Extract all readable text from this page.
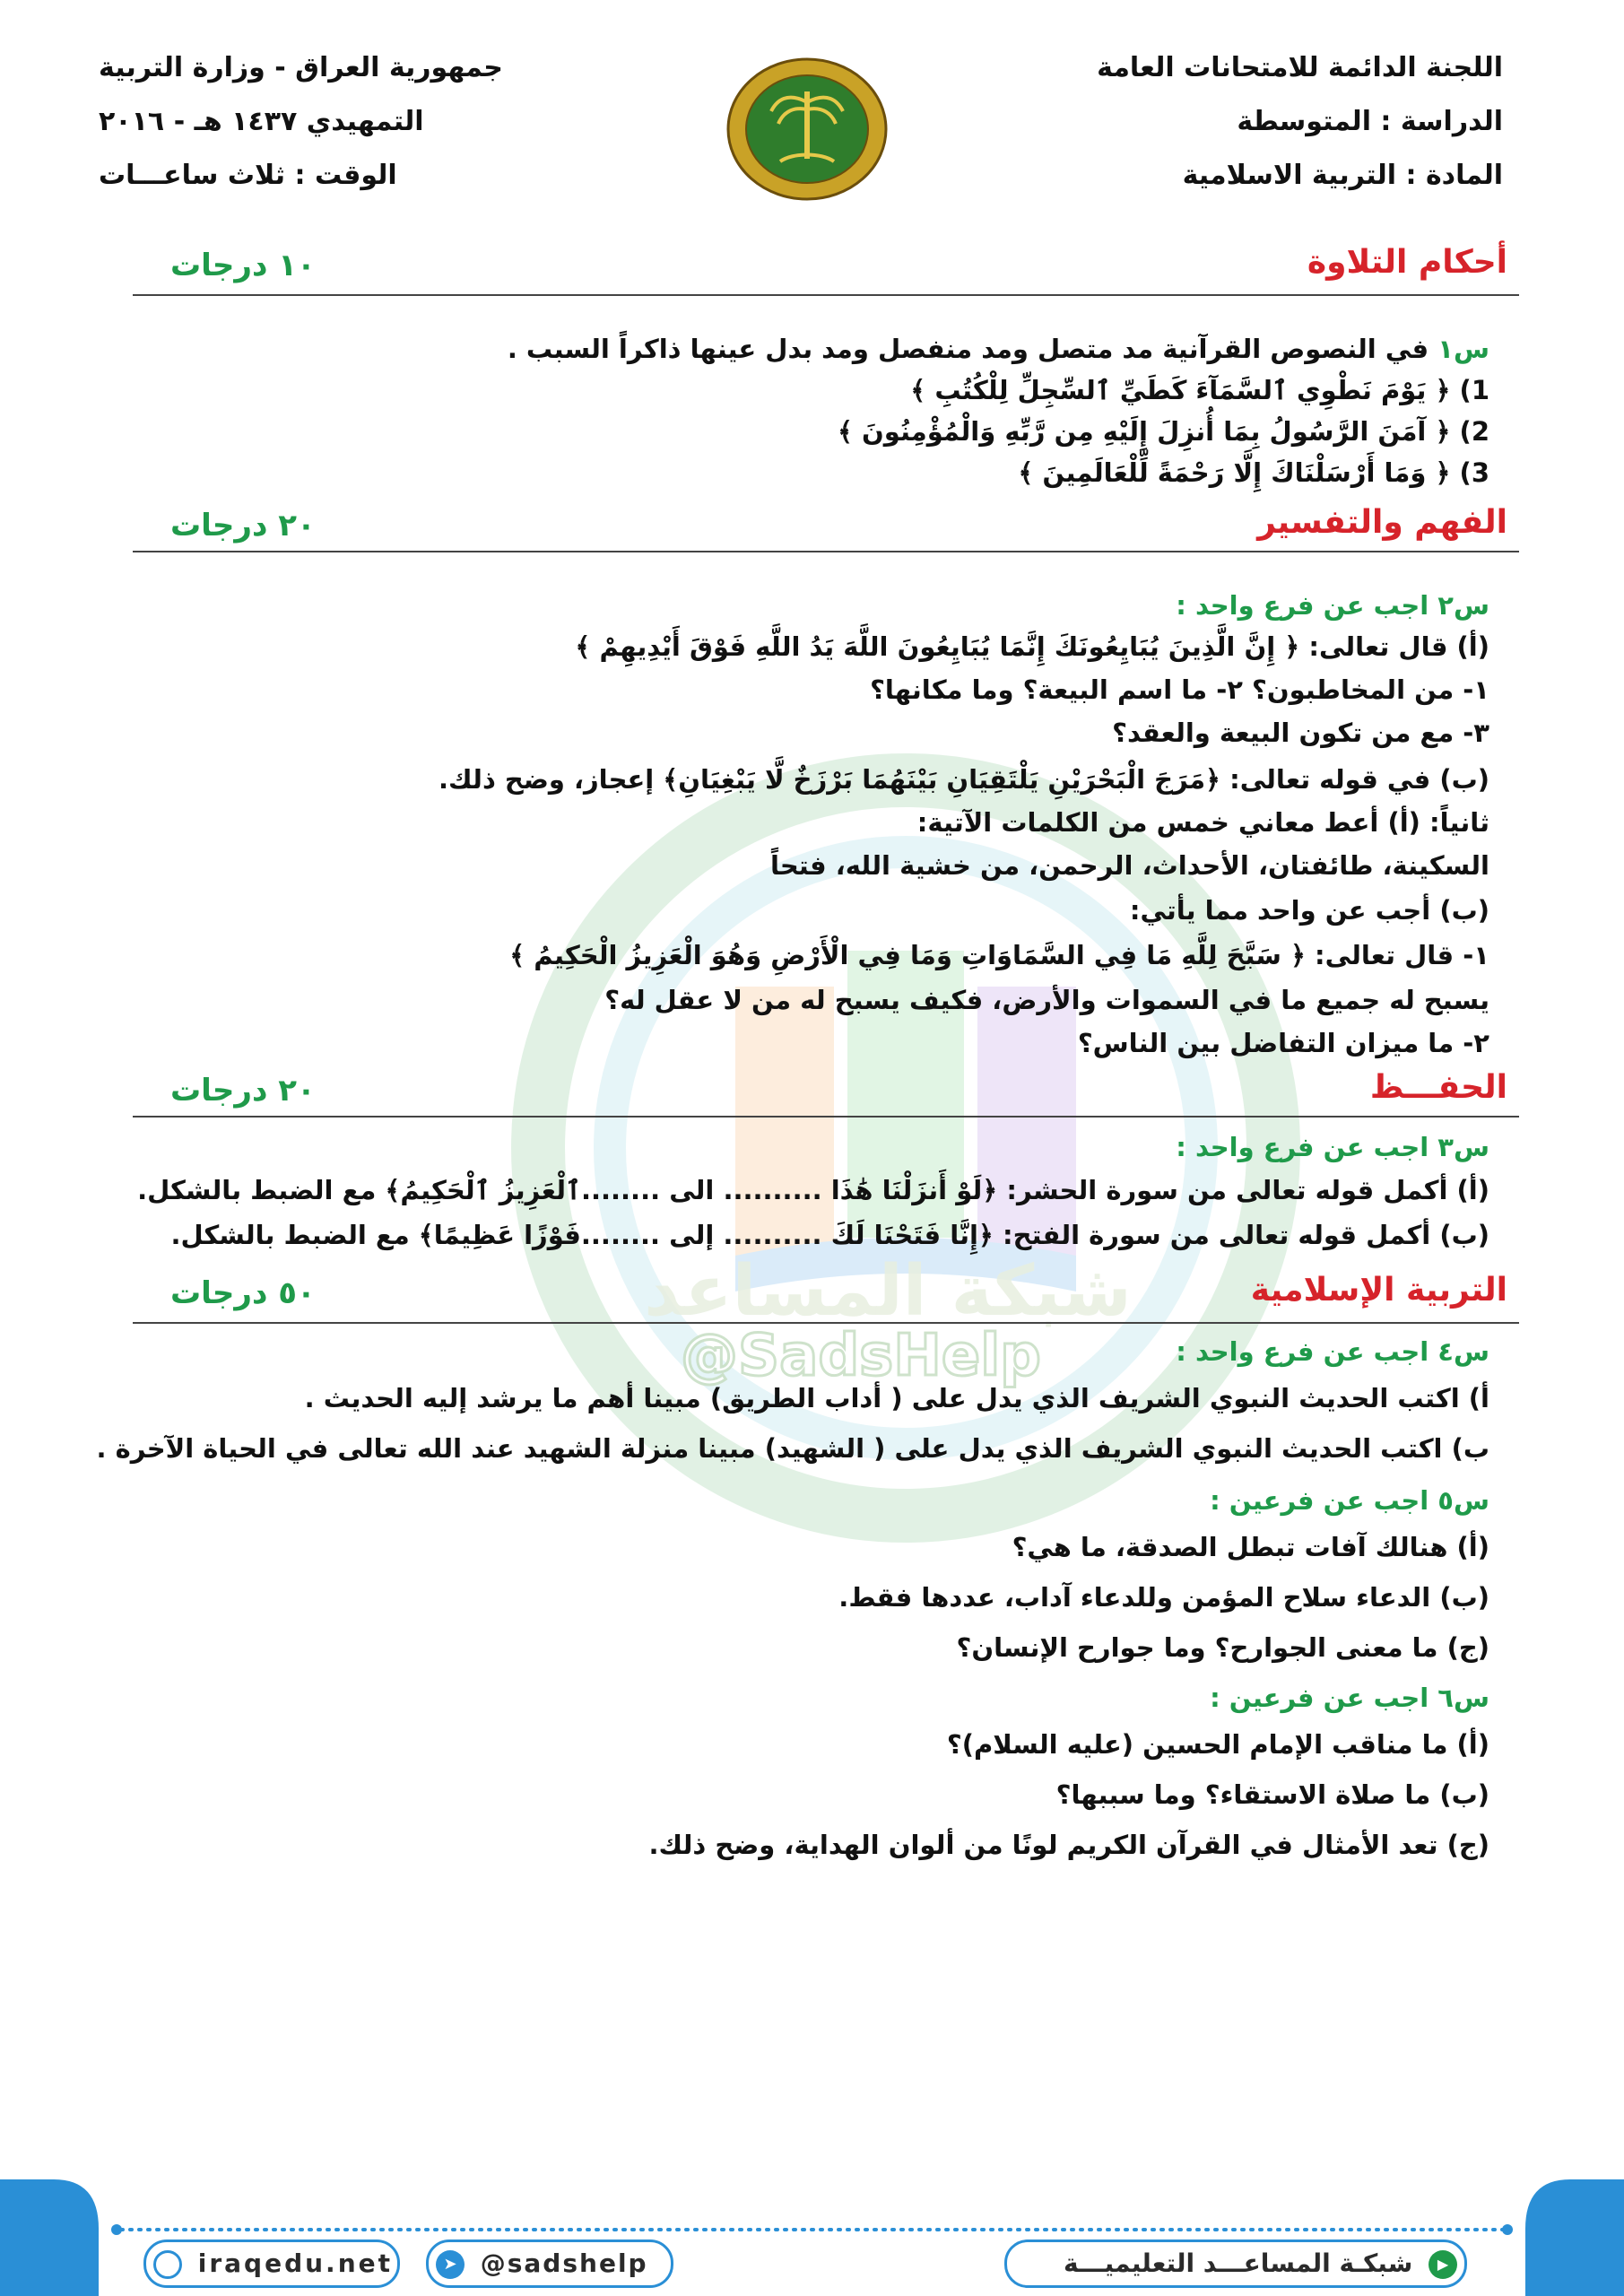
اللجنة الدائمة للامتحانات العامة
الدراسة : المتوسطة
المادة : التربية الاسلامية
جمهورية العراق - وزارة التربية
التمهيدي ١٤٣٧ هـ - ٢٠١٦
الوقت : ثلاث ساعـــات
شبكة المساعد
@SadsHelp
أحكام التلاوة
١٠ درجات
س١ في النصوص القرآنية مد متصل ومد منفصل ومد بدل عينها ذاكراً السبب .
1) ﴿ يَوْمَ نَطْوِي ٱلسَّمَآءَ كَطَيِّ ٱلسِّجِلِّ لِلْكُتُبِ ﴾
2) ﴿ آمَنَ الرَّسُولُ بِمَا أُنزِلَ إِلَيْهِ مِن رَّبِّهِ وَالْمُؤْمِنُونَ ﴾
3) ﴿ وَمَا أَرْسَلْنَاكَ إِلَّا رَحْمَةً لِّلْعَالَمِينَ ﴾
الفهم والتفسير
٢٠ درجات
س٢ اجب عن فرع واحد :
(أ) قال تعالى: ﴿ إِنَّ الَّذِينَ يُبَايِعُونَكَ إِنَّمَا يُبَايِعُونَ اللَّهَ يَدُ اللَّهِ فَوْقَ أَيْدِيهِمْ ﴾
١- من المخاطبون؟ ٢- ما اسم البيعة؟ وما مكانها؟
٣- مع من تكون البيعة والعقد؟
(ب) في قوله تعالى: ﴿مَرَجَ الْبَحْرَيْنِ يَلْتَقِيَانِ بَيْنَهُمَا بَرْزَخٌ لَّا يَبْغِيَانِ﴾ إعجاز، وضح ذلك.
ثانياً: (أ) أعط معاني خمس من الكلمات الآتية:
السكينة، طائفتان، الأحداث، الرحمن، من خشية الله، فتحاً
(ب) أجب عن واحد مما يأتي:
١- قال تعالى: ﴿ سَبَّحَ لِلَّهِ مَا فِي السَّمَاوَاتِ وَمَا فِي الْأَرْضِ وَهُوَ الْعَزِيزُ الْحَكِيمُ ﴾
يسبح له جميع ما في السموات والأرض، فكيف يسبح له من لا عقل له؟
٢- ما ميزان التفاضل بين الناس؟
الحفـــظ
٢٠ درجات
س٣ اجب عن فرع واحد :
(أ) أكمل قوله تعالى من سورة الحشر: ﴿لَوْ أَنزَلْنَا هَٰذَا .......... الى ........ٱلْعَزِيزُ ٱلْحَكِيمُ﴾ مع الضبط بالشكل.
(ب) أكمل قوله تعالى من سورة الفتح: ﴿إِنَّا فَتَحْنَا لَكَ .......... إلى ........فَوْزًا عَظِيمًا﴾ مع الضبط بالشكل.
التربية الإسلامية
٥٠ درجات
س٤ اجب عن فرع واحد :
أ) اكتب الحديث النبوي الشريف الذي يدل على ( أداب الطريق) مبينا أهم ما يرشد إليه الحديث .
ب) اكتب الحديث النبوي الشريف الذي يدل على ( الشهيد) مبينا منزلة الشهيد عند الله تعالى في الحياة الآخرة .
س٥ اجب عن فرعين :
(أ) هنالك آفات تبطل الصدقة، ما هي؟
(ب) الدعاء سلاح المؤمن وللدعاء آداب، عددها فقط.
(ج) ما معنى الجوارح؟ وما جوارح الإنسان؟
س٦ اجب عن فرعين :
(أ) ما مناقب الإمام الحسين (عليه السلام)؟
(ب) ما صلاة الاستقاء؟ وما سببها؟
(ج) تعد الأمثال في القرآن الكريم لونًا من ألوان الهداية، وضح ذلك.
iraqedu.net	➤ @sadshelp	▶ شبكـة المساعـــد التعليميـــة
